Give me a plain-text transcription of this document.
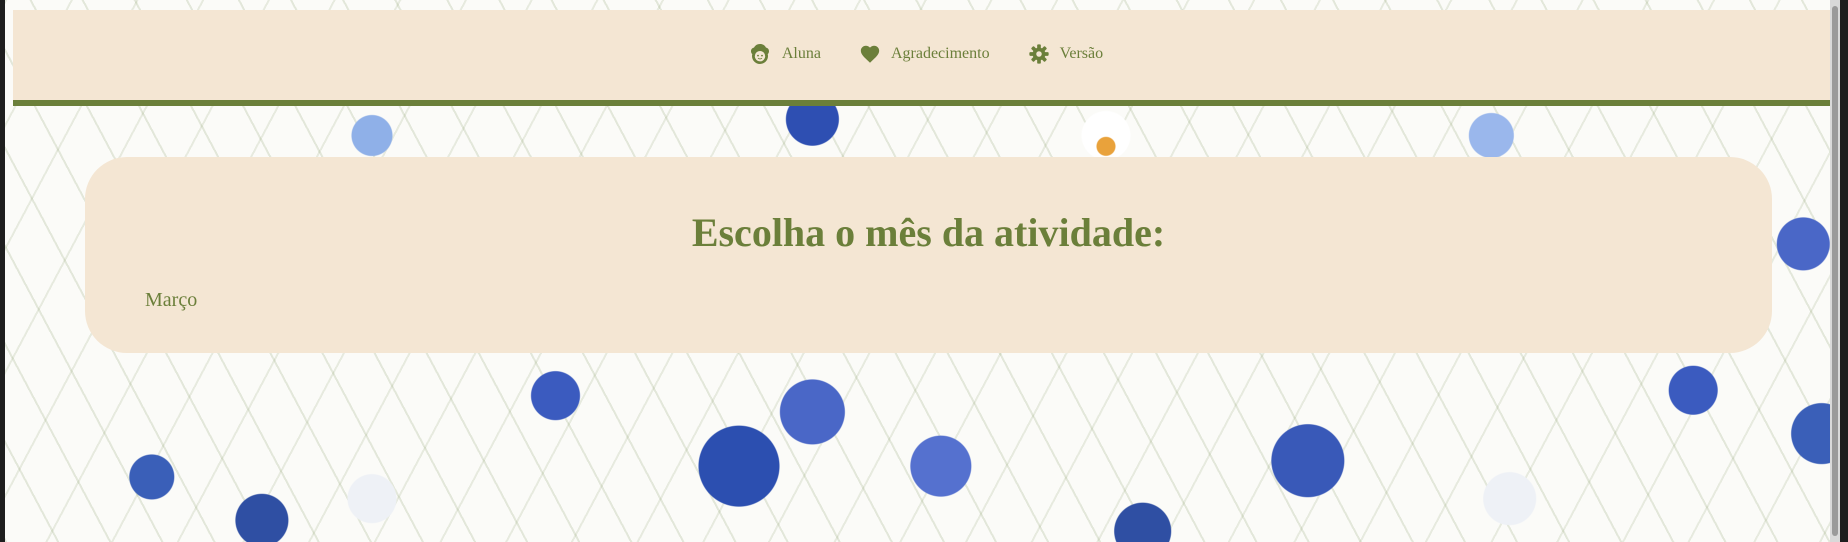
Aluna	Agradecimento	Versão
Escolha o mês da atividade:
Março
